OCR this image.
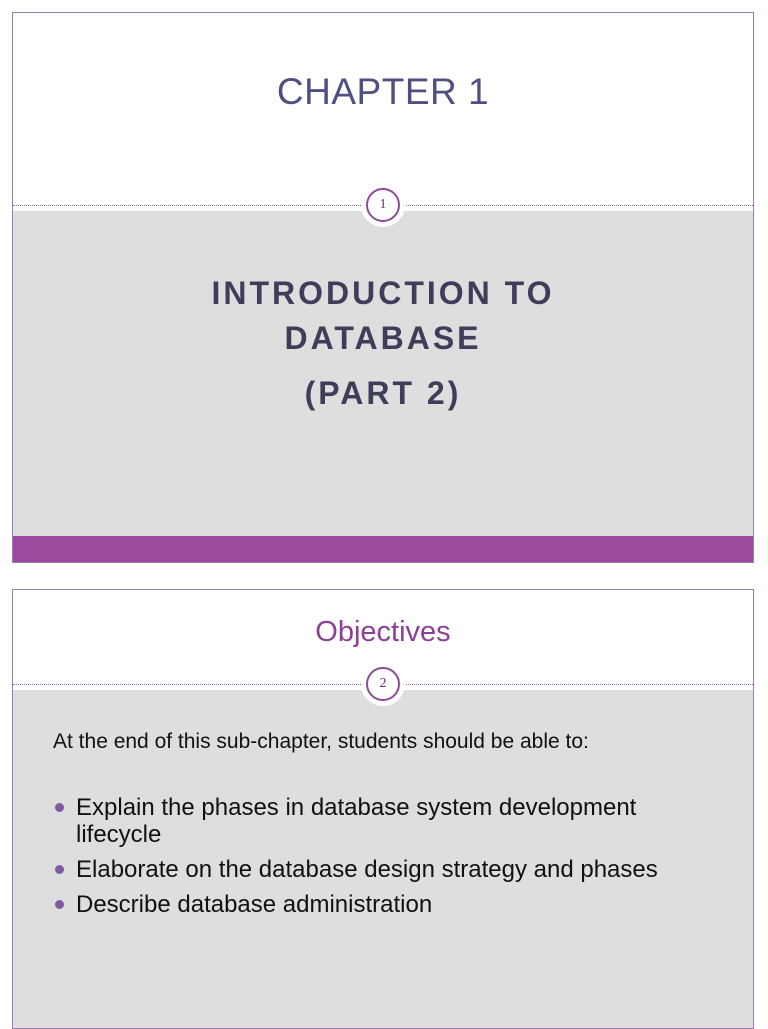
CHAPTER 1
INTRODUCTION TO
DATABASE
(PART 2)
1
Objectives
At the end of this sub-chapter, students should be able to:
Explain the phases in database system development lifecycle
Elaborate on the database design strategy and phases
Describe database administration
2
